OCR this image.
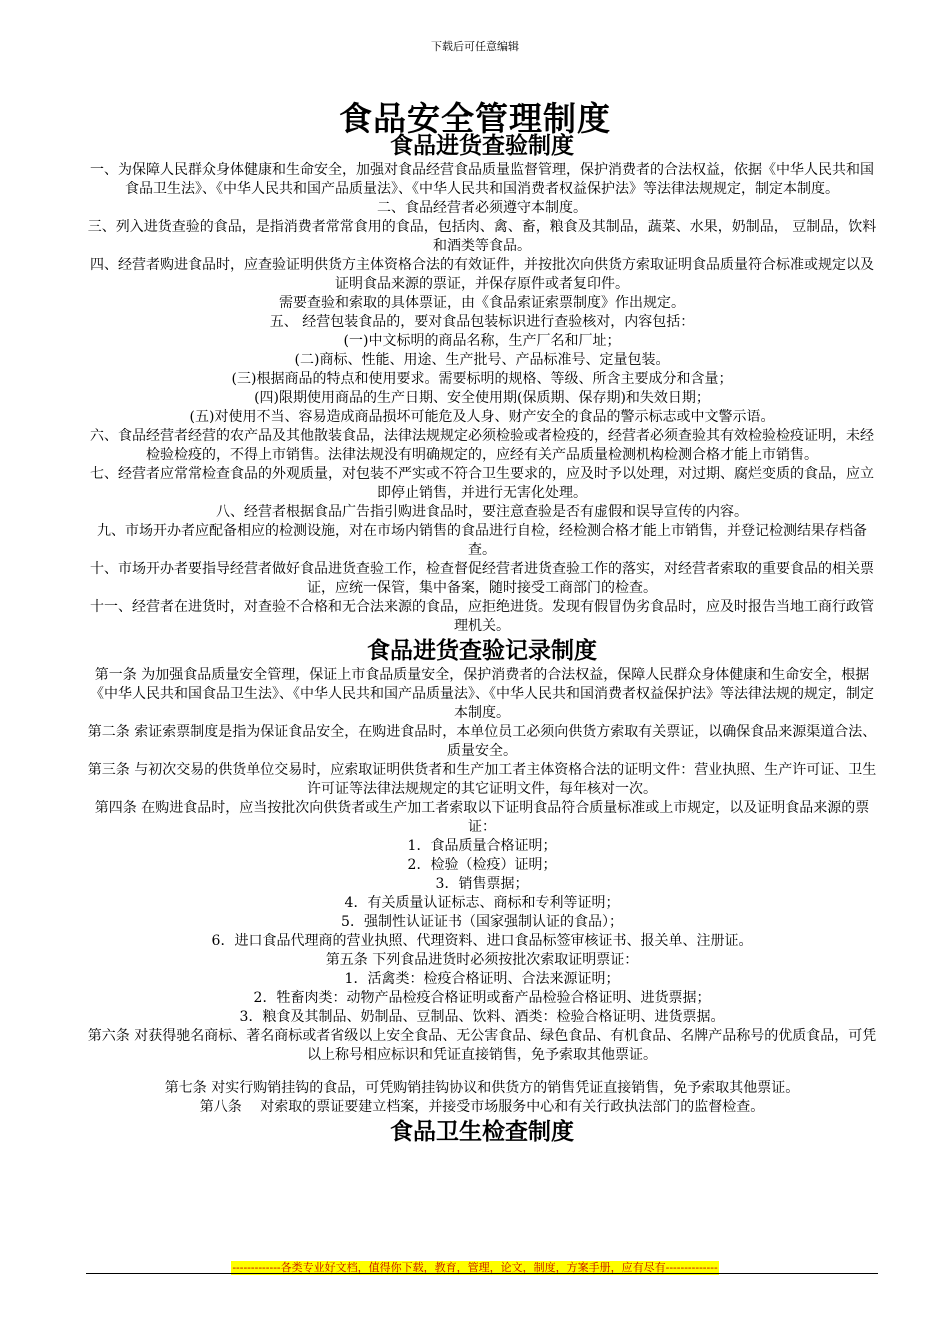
下载后可任意编辑
食品安全管理制度
食品进货查验制度

一、为保障人民群众身体健康和生命安全，加强对食品经营食品质量监督管理，保护消费者的合法权益，依据《中华人民共和国食品卫生法》、《中华人民共和国产品质量法》、《中华人民共和国消费者权益保护法》等法律法规规定，制定本制度。

二、食品经营者必须遵守本制度。

三、列入进货查验的食品，是指消费者常常食用的食品，包括肉、禽、畜，粮食及其制品，蔬菜、水果，奶制品， 豆制品，饮料和酒类等食品。

四、经营者购进食品时，应查验证明供货方主体资格合法的有效证件，并按批次向供货方索取证明食品质量符合标准或规定以及证明食品来源的票证，并保存原件或者复印件。

需要查验和索取的具体票证，由《食品索证索票制度》作出规定。

五、 经营包装食品的，要对食品包装标识进行查验核对，内容包括：

(一)中文标明的商品名称，生产厂名和厂址；

(二)商标、性能、用途、生产批号、产品标准号、定量包装。

(三)根据商品的特点和使用要求。需要标明的规格、等级、所含主要成分和含量；

(四)限期使用商品的生产日期、安全使用期(保质期、保存期)和失效日期；

(五)对使用不当、容易造成商品损坏可能危及人身、财产安全的食品的警示标志或中文警示语。

六、食品经营者经营的农产品及其他散装食品，法律法规规定必须检验或者检疫的，经营者必须查验其有效检验检疫证明，未经检验检疫的，不得上市销售。法律法规没有明确规定的，应经有关产品质量检测机构检测合格才能上市销售。

七、经营者应常常检查食品的外观质量，对包装不严实或不符合卫生要求的，应及时予以处理，对过期、腐烂变质的食品，应立即停止销售，并进行无害化处理。

八、经营者根据食品广告指引购进食品时，要注意查验是否有虚假和误导宣传的内容。

九、市场开办者应配备相应的检测设施，对在市场内销售的食品进行自检，经检测合格才能上市销售，并登记检测结果存档备查。

十、市场开办者要指导经营者做好食品进货查验工作，检查督促经营者进货查验工作的落实，对经营者索取的重要食品的相关票证，应统一保管，集中备案，随时接受工商部门的检查。

十一、经营者在进货时，对查验不合格和无合法来源的食品，应拒绝进货。发现有假冒伪劣食品时，应及时报告当地工商行政管理机关。

食品进货查验记录制度

第一条 为加强食品质量安全管理，保证上市食品质量安全，保护消费者的合法权益，保障人民群众身体健康和生命安全，根据《中华人民共和国食品卫生法》、《中华人民共和国产品质量法》、《中华人民共和国消费者权益保护法》等法律法规的规定，制定本制度。

第二条 索证索票制度是指为保证食品安全，在购进食品时，本单位员工必须向供货方索取有关票证，以确保食品来源渠道合法、质量安全。

第三条 与初次交易的供货单位交易时，应索取证明供货者和生产加工者主体资格合法的证明文件：营业执照、生产许可证、卫生许可证等法律法规规定的其它证明文件，每年核对一次。

第四条 在购进食品时，应当按批次向供货者或生产加工者索取以下证明食品符合质量标准或上市规定，以及证明食品来源的票证：

1．食品质量合格证明；

2．检验（检疫）证明；

3．销售票据；

4．有关质量认证标志、商标和专利等证明；

5．强制性认证证书（国家强制认证的食品）；

6．进口食品代理商的营业执照、代理资料、进口食品标签审核证书、报关单、注册证。

第五条 下列食品进货时必须按批次索取证明票证：

1．活禽类：检疫合格证明、合法来源证明；

2．牲畜肉类：动物产品检疫合格证明或畜产品检验合格证明、进货票据；

3．粮食及其制品、奶制品、豆制品、饮料、酒类：检验合格证明、进货票据。

第六条 对获得驰名商标、著名商标或者省级以上安全食品、无公害食品、绿色食品、有机食品、名牌产品称号的优质食品，可凭以上称号相应标识和凭证直接销售，免予索取其他票证。

第七条 对实行购销挂钩的食品，可凭购销挂钩协议和供货方的销售凭证直接销售，免予索取其他票证。

第八条　 对索取的票证要建立档案，并接受市场服务中心和有关行政执法部门的监督检查。

食品卫生检查制度
-------------各类专业好文档，值得你下载，教育，管理，论文，制度，方案手册，应有尽有--------------
